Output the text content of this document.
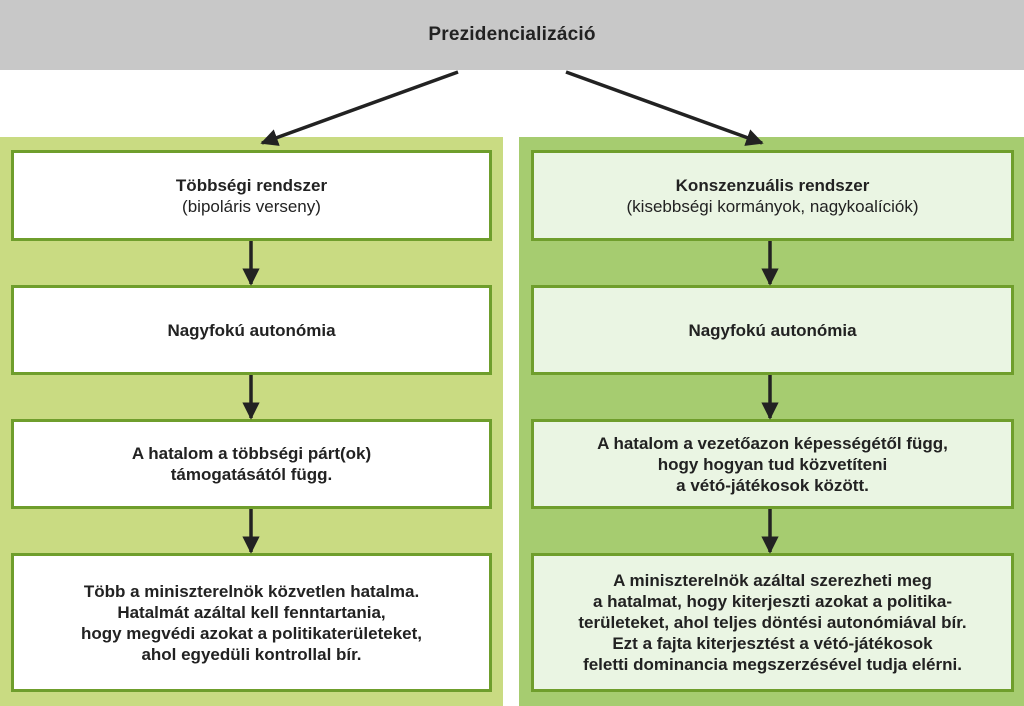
Prezidencializáció
Többségi rendszer
(bipoláris verseny)
Nagyfokú autonómia
A hatalom a többségi párt(ok)
támogatásától függ.
Több a miniszterelnök közvetlen hatalma.
Hatalmát azáltal kell fenntartania,
hogy megvédi azokat a politikaterületeket,
ahol egyedüli kontrollal bír.
Konszenzuális rendszer
(kisebbségi kormányok, nagykoalíciók)
Nagyfokú autonómia
A hatalom a vezetőazon képességétől függ,
hogy hogyan tud közvetíteni
a vétó-játékosok között.
A miniszterelnök azáltal szerezheti meg
a hatalmat, hogy kiterjeszti azokat a politika-
területeket, ahol teljes döntési autonómiával bír.
Ezt a fajta kiterjesztést a vétó-játékosok
feletti dominancia megszerzésével tudja elérni.
